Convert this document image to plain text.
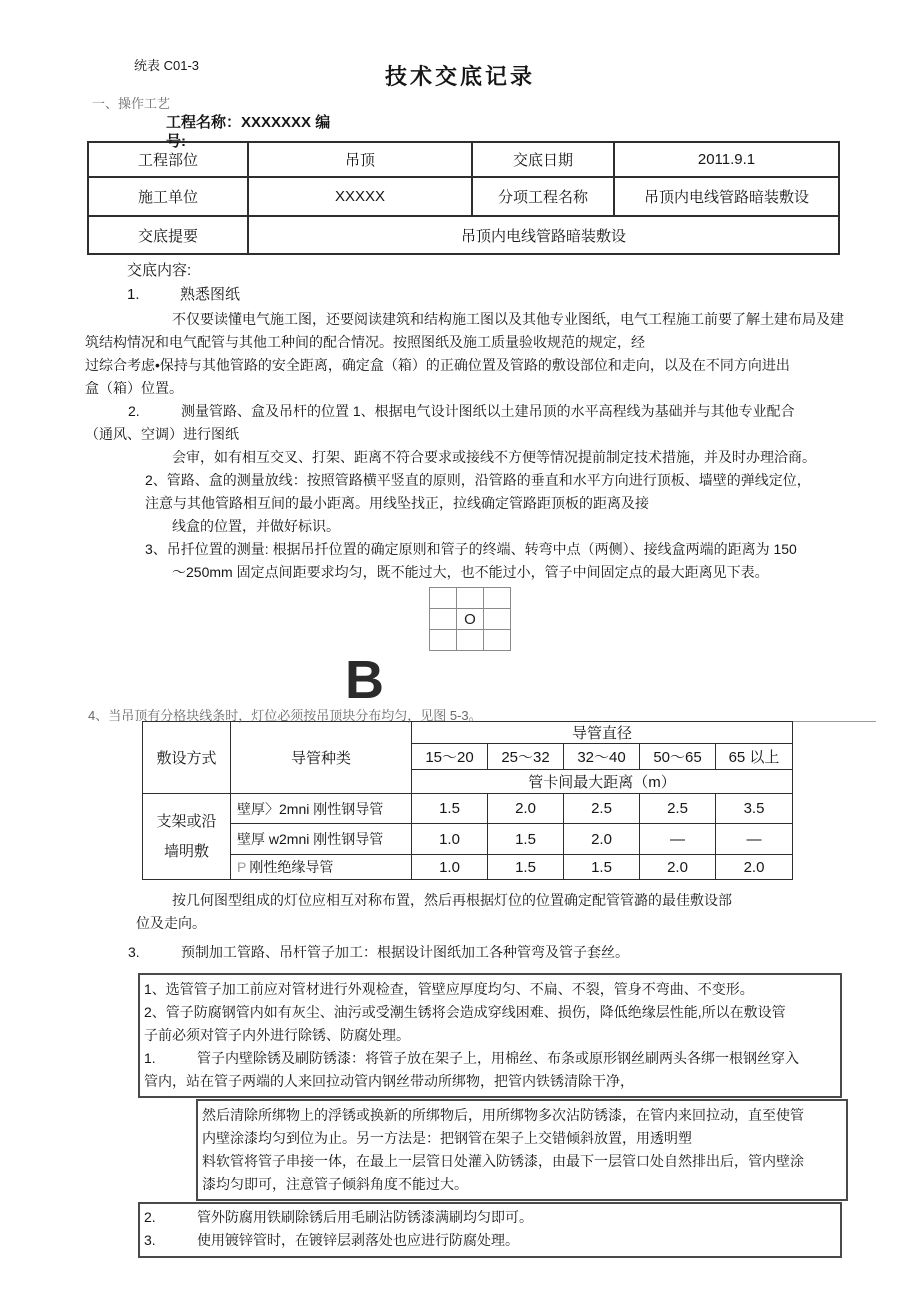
统表 C01-3	技术交底记录
一、操作工艺
工程名称：XXXXXXX 编
号:
工程部位	吊顶	交底日期	2011.9.1
施工单位	XXXXX	分项工程名称	吊顶内电线管路暗装敷设
交底提要	吊顶内电线管路暗装敷设		
交底内容:
1.	熟悉图纸
不仅要读懂电气施工图，还要阅读建筑和结构施工图以及其他专业图纸，电气工程施工前要了解土建布局及建
筑结构情况和电气配管与其他工种间的配合情况。按照图纸及施工质量验收规范的规定，经
过综合考虑•保持与其他管路的安全距离，确定盒（箱）的正确位置及管路的敷设部位和走向，以及在不同方向进出
盒（箱）位置。
2.	测量管路、盒及吊杆的位置 1、根据电气设计图纸以土建吊顶的水平高程线为基础并与其他专业配合
（通风、空调）进行图纸
会审，如有相互交叉、打架、距离不符合要求或接线不方便等情况提前制定技术措施，并及时办理洽商。
2、管路、盒的测量放线：按照管路横平竖直的原则，沿管路的垂直和水平方向进行顶板、墙壁的弹线定位，
注意与其他管路相互间的最小距离。用线坠找正，拉线确定管路距顶板的距离及接
线盒的位置，并做好标识。
3、吊扦位置的测量: 根据吊扦位置的确定原则和管子的终端、转弯中点（两侧）、接线盒两端的距离为 150
～250mm 固定点间距要求均匀，既不能过大，也不能过小，管子中间固定点的最大距离见下表。

	O	

B
4、当吊顶有分格块线条时，灯位必须按吊顶块分布均匀，见图 5-3。
敷设方式	导管种类	导管直径				
		15～20	25～32	32～40	50～65	65 以上
		管卡间最大距离（m）				
支架或沿
墙明敷	壁厚〉2mni 刚性钢导管	1.5	2.0	2.5	2.5	3.5
	壁厚 w2mni 刚性钢导管	1.0	1.5	2.0	—	—
	P 刚性绝缘导管	1.0	1.5	1.5	2.0	2.0
按几何图型组成的灯位应相互对称布置，然后再根据灯位的位置确定配管管潞的最佳敷设部
位及走向。
3.	预制加工管路、吊杆管子加工：根据设计图纸加工各种管弯及管子套丝。
1、选管管子加工前应对管材进行外观检查，管壁应厚度均匀、不扁、不裂，管身不弯曲、不变形。
2、管子防腐钢管内如有灰尘、油污或受潮生锈将会造成穿线困难、损伤，降低绝缘层性能,所以在敷设管
子前必须对管子内外进行除锈、防腐处理。
1.	管子内壁除锈及刷防锈漆：将管子放在架子上，用棉丝、布条或原形钢丝刷两头各绑一根钢丝穿入
管内，站在管子两端的人来回拉动管内钢丝带动所绑物，把管内铁锈清除干净，
然后清除所绑物上的浮锈或换新的所绑物后，用所绑物多次沾防锈漆，在管内来回拉动，直至使管
内壁涂漆均匀到位为止。另一方法是：把钢管在架子上交错倾斜放置，用透明塑
料软管将管子串接一体，在最上一层管日处灌入防锈漆，由最下一层管口处自然排出后，管内壁涂
漆均匀即可，注意管子倾斜角度不能过大。
2.	管外防腐用铁刷除锈后用毛刷沾防锈漆满刷均匀即可。
3.	使用镀锌管时，在镀锌层剥落处也应进行防腐处理。
